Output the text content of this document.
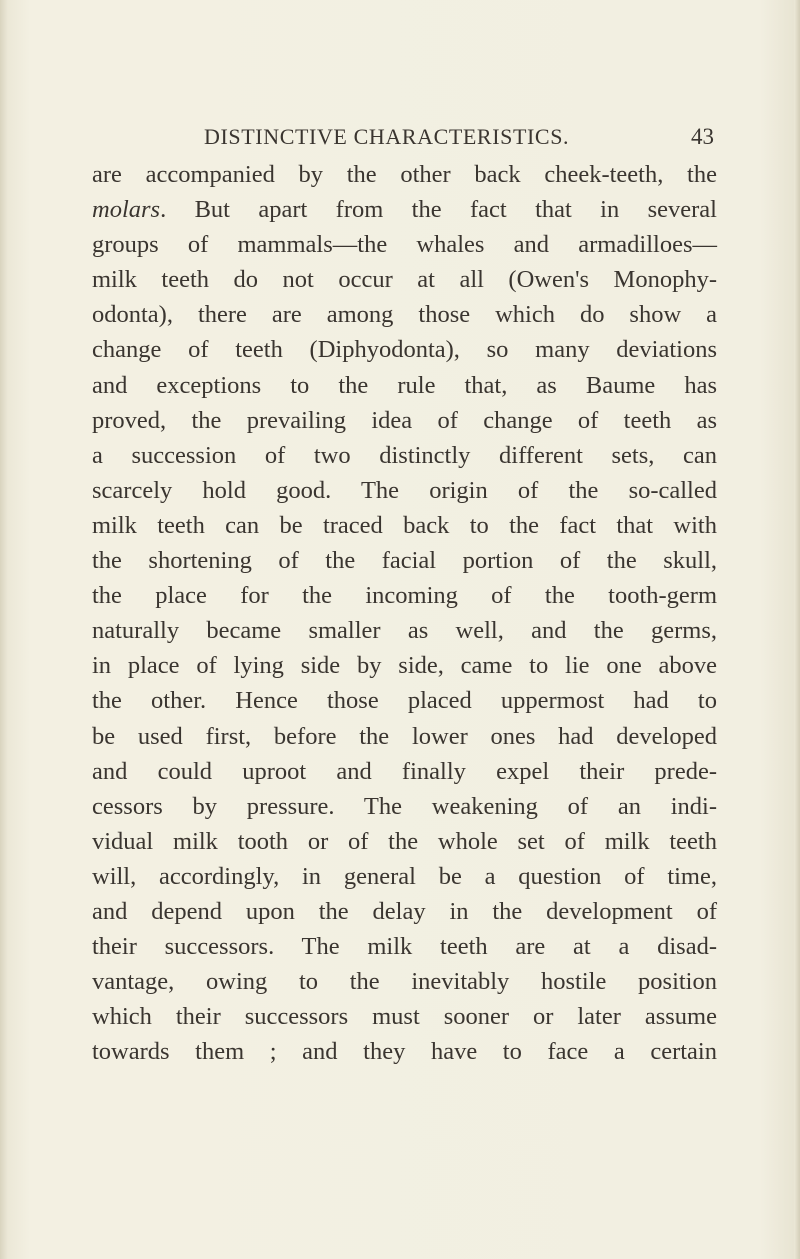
DISTINCTIVE CHARACTERISTICS.	43
are accompanied by the other back cheek-teeth, the
molars. But apart from the fact that in several
groups of mammals—the whales and armadilloes—
milk teeth do not occur at all (Owen's Monophy-
odonta), there are among those which do show a
change of teeth (Diphyodonta), so many deviations
and exceptions to the rule that, as Baume has
proved, the prevailing idea of change of teeth as
a succession of two distinctly different sets, can
scarcely hold good. The origin of the so-called
milk teeth can be traced back to the fact that with
the shortening of the facial portion of the skull,
the place for the incoming of the tooth-germ
naturally became smaller as well, and the germs,
in place of lying side by side, came to lie one above
the other. Hence those placed uppermost had to
be used first, before the lower ones had developed
and could uproot and finally expel their prede-
cessors by pressure. The weakening of an indi-
vidual milk tooth or of the whole set of milk teeth
will, accordingly, in general be a question of time,
and depend upon the delay in the development of
their successors. The milk teeth are at a disad-
vantage, owing to the inevitably hostile position
which their successors must sooner or later assume
towards them ; and they have to face a certain
